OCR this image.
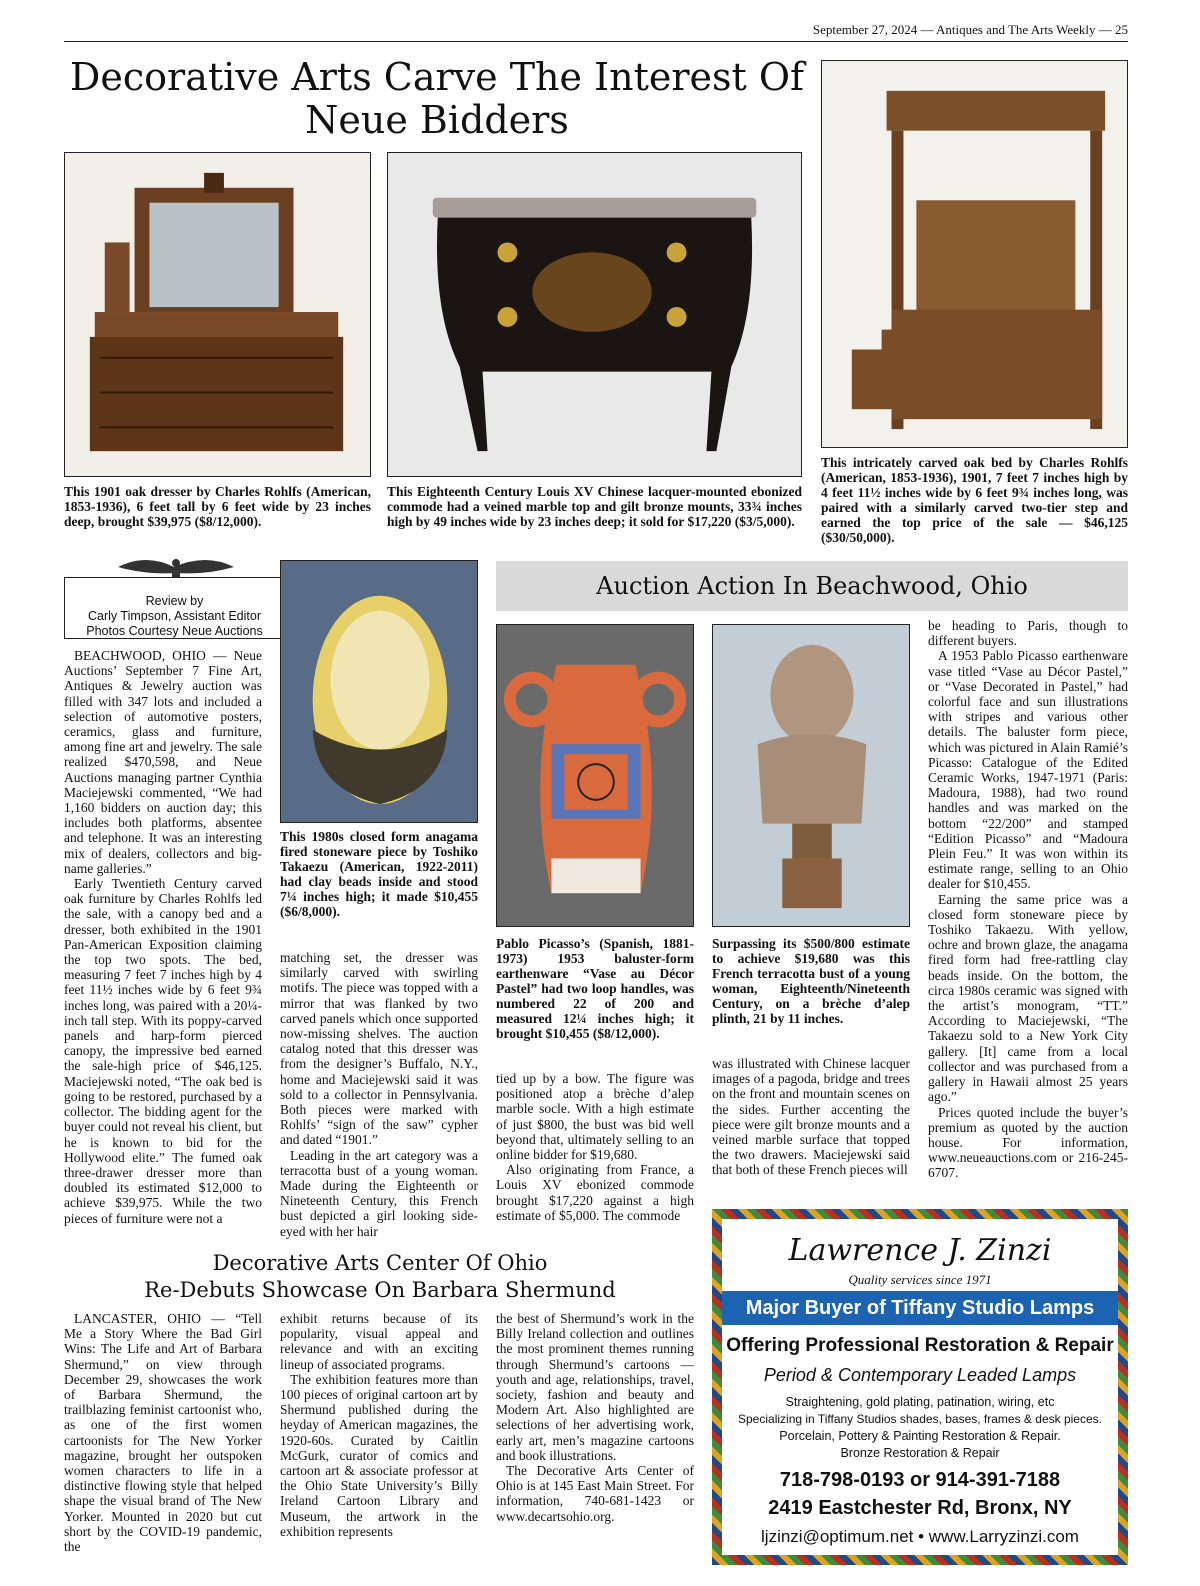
September 27, 2024 — Antiques and The Arts Weekly — 25
Decorative Arts Carve The Interest Of Neue Bidders
This 1901 oak dresser by Charles Rohlfs (American, 1853-1936), 6 feet tall by 6 feet wide by 23 inches deep, brought $39,975 ($8/12,000).
This Eighteenth Century Louis XV Chinese lacquer-mounted ebonized commode had a veined marble top and gilt bronze mounts, 33¾ inches high by 49 inches wide by 23 inches deep; it sold for $17,220 ($3/5,000).
This intricately carved oak bed by Charles Rohlfs (American, 1853-1936), 1901, 7 feet 7 inches high by 4 feet 11½ inches wide by 6 feet 9¾ inches long, was paired with a similarly carved two-tier step and earned the top price of the sale — $46,125 ($30/50,000).
Review by
Carly Timpson, Assistant Editor
Photos Courtesy Neue Auctions
This 1980s closed form anagama fired stoneware piece by Toshiko Takaezu (American, 1922-2011) had clay beads inside and stood 7¼ inches high; it made $10,455 ($6/8,000).
Auction Action In Beachwood, Ohio
Pablo Picasso’s (Spanish, 1881-1973) 1953 baluster-form earthenware “Vase au Décor Pastel” had two loop handles, was numbered 22 of 200 and measured 12¼ inches high; it brought $10,455 ($8/12,000).
Surpassing its $500/800 estimate to achieve $19,680 was this French terracotta bust of a young woman, Eighteenth/Nineteenth Century, on a brèche d’alep plinth, 21 by 11 inches.

BEACHWOOD, OHIO — Neue Auctions’ September 7 Fine Art, Antiques & Jewelry auction was filled with 347 lots and included a selection of automotive posters, ceramics, glass and furniture, among fine art and jewelry. The sale realized $470,598, and Neue Auctions managing partner Cynthia Maciejewski commented, “We had 1,160 bidders on auction day; this includes both platforms, absentee and telephone. It was an interesting mix of dealers, collectors and big-name galleries.”

Early Twentieth Century carved oak furniture by Charles Rohlfs led the sale, with a canopy bed and a dresser, both exhibited in the 1901 Pan-American Exposition claiming the top two spots. The bed, measuring 7 feet 7 inches high by 4 feet 11½ inches wide by 6 feet 9¾ inches long, was paired with a 20¼-inch tall step. With its poppy-carved panels and harp-form pierced canopy, the impressive bed earned the sale-high price of $46,125. Maciejewski noted, “The oak bed is going to be restored, purchased by a collector. The bidding agent for the buyer could not reveal his client, but he is known to bid for the Hollywood elite.” The fumed oak three-drawer dresser more than doubled its estimated $12,000 to achieve $39,975. While the two pieces of furniture were not a

matching set, the dresser was similarly carved with swirling motifs. The piece was topped with a mirror that was flanked by two carved panels which once supported now-missing shelves. The auction catalog noted that this dresser was from the designer’s Buffalo, N.Y., home and Maciejewski said it was sold to a collector in Pennsylvania. Both pieces were marked with Rohlfs’ “sign of the saw” cypher and dated “1901.”

Leading in the art category was a terracotta bust of a young woman. Made during the Eighteenth or Nineteenth Century, this French bust depicted a girl looking side-eyed with her hair

tied up by a bow. The figure was positioned atop a brèche d’alep marble socle. With a high estimate of just $800, the bust was bid well beyond that, ultimately selling to an online bidder for $19,680.

Also originating from France, a Louis XV ebonized commode brought $17,220 against a high estimate of $5,000. The commode

was illustrated with Chinese lacquer images of a pagoda, bridge and trees on the front and mountain scenes on the sides. Further accenting the piece were gilt bronze mounts and a veined marble surface that topped the two drawers. Maciejewski said that both of these French pieces will

be heading to Paris, though to different buyers.

A 1953 Pablo Picasso earthenware vase titled “Vase au Décor Pastel,” or “Vase Decorated in Pastel,” had colorful face and sun illustrations with stripes and various other details. The baluster form piece, which was pictured in Alain Ramié’s Picasso: Catalogue of the Edited Ceramic Works, 1947-1971 (Paris: Madoura, 1988), had two round handles and was marked on the bottom “22/200” and stamped “Edition Picasso” and “Madoura Plein Feu.” It was won within its estimate range, selling to an Ohio dealer for $10,455.

Earning the same price was a closed form stoneware piece by Toshiko Takaezu. With yellow, ochre and brown glaze, the anagama fired form had free-rattling clay beads inside. On the bottom, the circa 1980s ceramic was signed with the artist’s monogram, “TT.” According to Maciejewski, “The Takaezu sold to a New York City gallery. [It] came from a local collector and was purchased from a gallery in Hawaii almost 25 years ago.”

Prices quoted include the buyer’s premium as quoted by the auction house. For information, www.neueauctions.com or 216-245-6707.

Decorative Arts Center Of Ohio
Re-Debuts Showcase On Barbara Shermund

LANCASTER, OHIO — “Tell Me a Story Where the Bad Girl Wins: The Life and Art of Barbara Shermund,” on view through December 29, showcases the work of Barbara Shermund, the trailblazing feminist cartoonist who, as one of the first women cartoonists for The New Yorker magazine, brought her outspoken women characters to life in a distinctive flowing style that helped shape the visual brand of The New Yorker. Mounted in 2020 but cut short by the COVID-19 pandemic, the

exhibit returns because of its popularity, visual appeal and relevance and with an exciting lineup of associated programs.

The exhibition features more than 100 pieces of original cartoon art by Shermund published during the heyday of American magazines, the 1920-60s. Curated by Caitlin McGurk, curator of comics and cartoon art & associate professor at the Ohio State University’s Billy Ireland Cartoon Library and Museum, the artwork in the exhibition represents

the best of Shermund’s work in the Billy Ireland collection and outlines the most prominent themes running through Shermund’s cartoons — youth and age, relationships, travel, society, fashion and beauty and Modern Art. Also highlighted are selections of her advertising work, early art, men’s magazine cartoons and book illustrations.

The Decorative Arts Center of Ohio is at 145 East Main Street. For information, 740-681-1423 or www.decartsohio.org.

Lawrence J. Zinzi
Quality services since 1971
Major Buyer of Tiffany Studio Lamps
Offering Professional Restoration & Repair
Period & Contemporary Leaded Lamps
Straightening, gold plating, patination, wiring, etc
Specializing in Tiffany Studios shades, bases, frames & desk pieces.
Porcelain, Pottery & Painting Restoration & Repair.
Bronze Restoration & Repair
718-798-0193 or 914-391-7188
2419 Eastchester Rd, Bronx, NY
ljzinzi@optimum.net • www.Larryzinzi.com
